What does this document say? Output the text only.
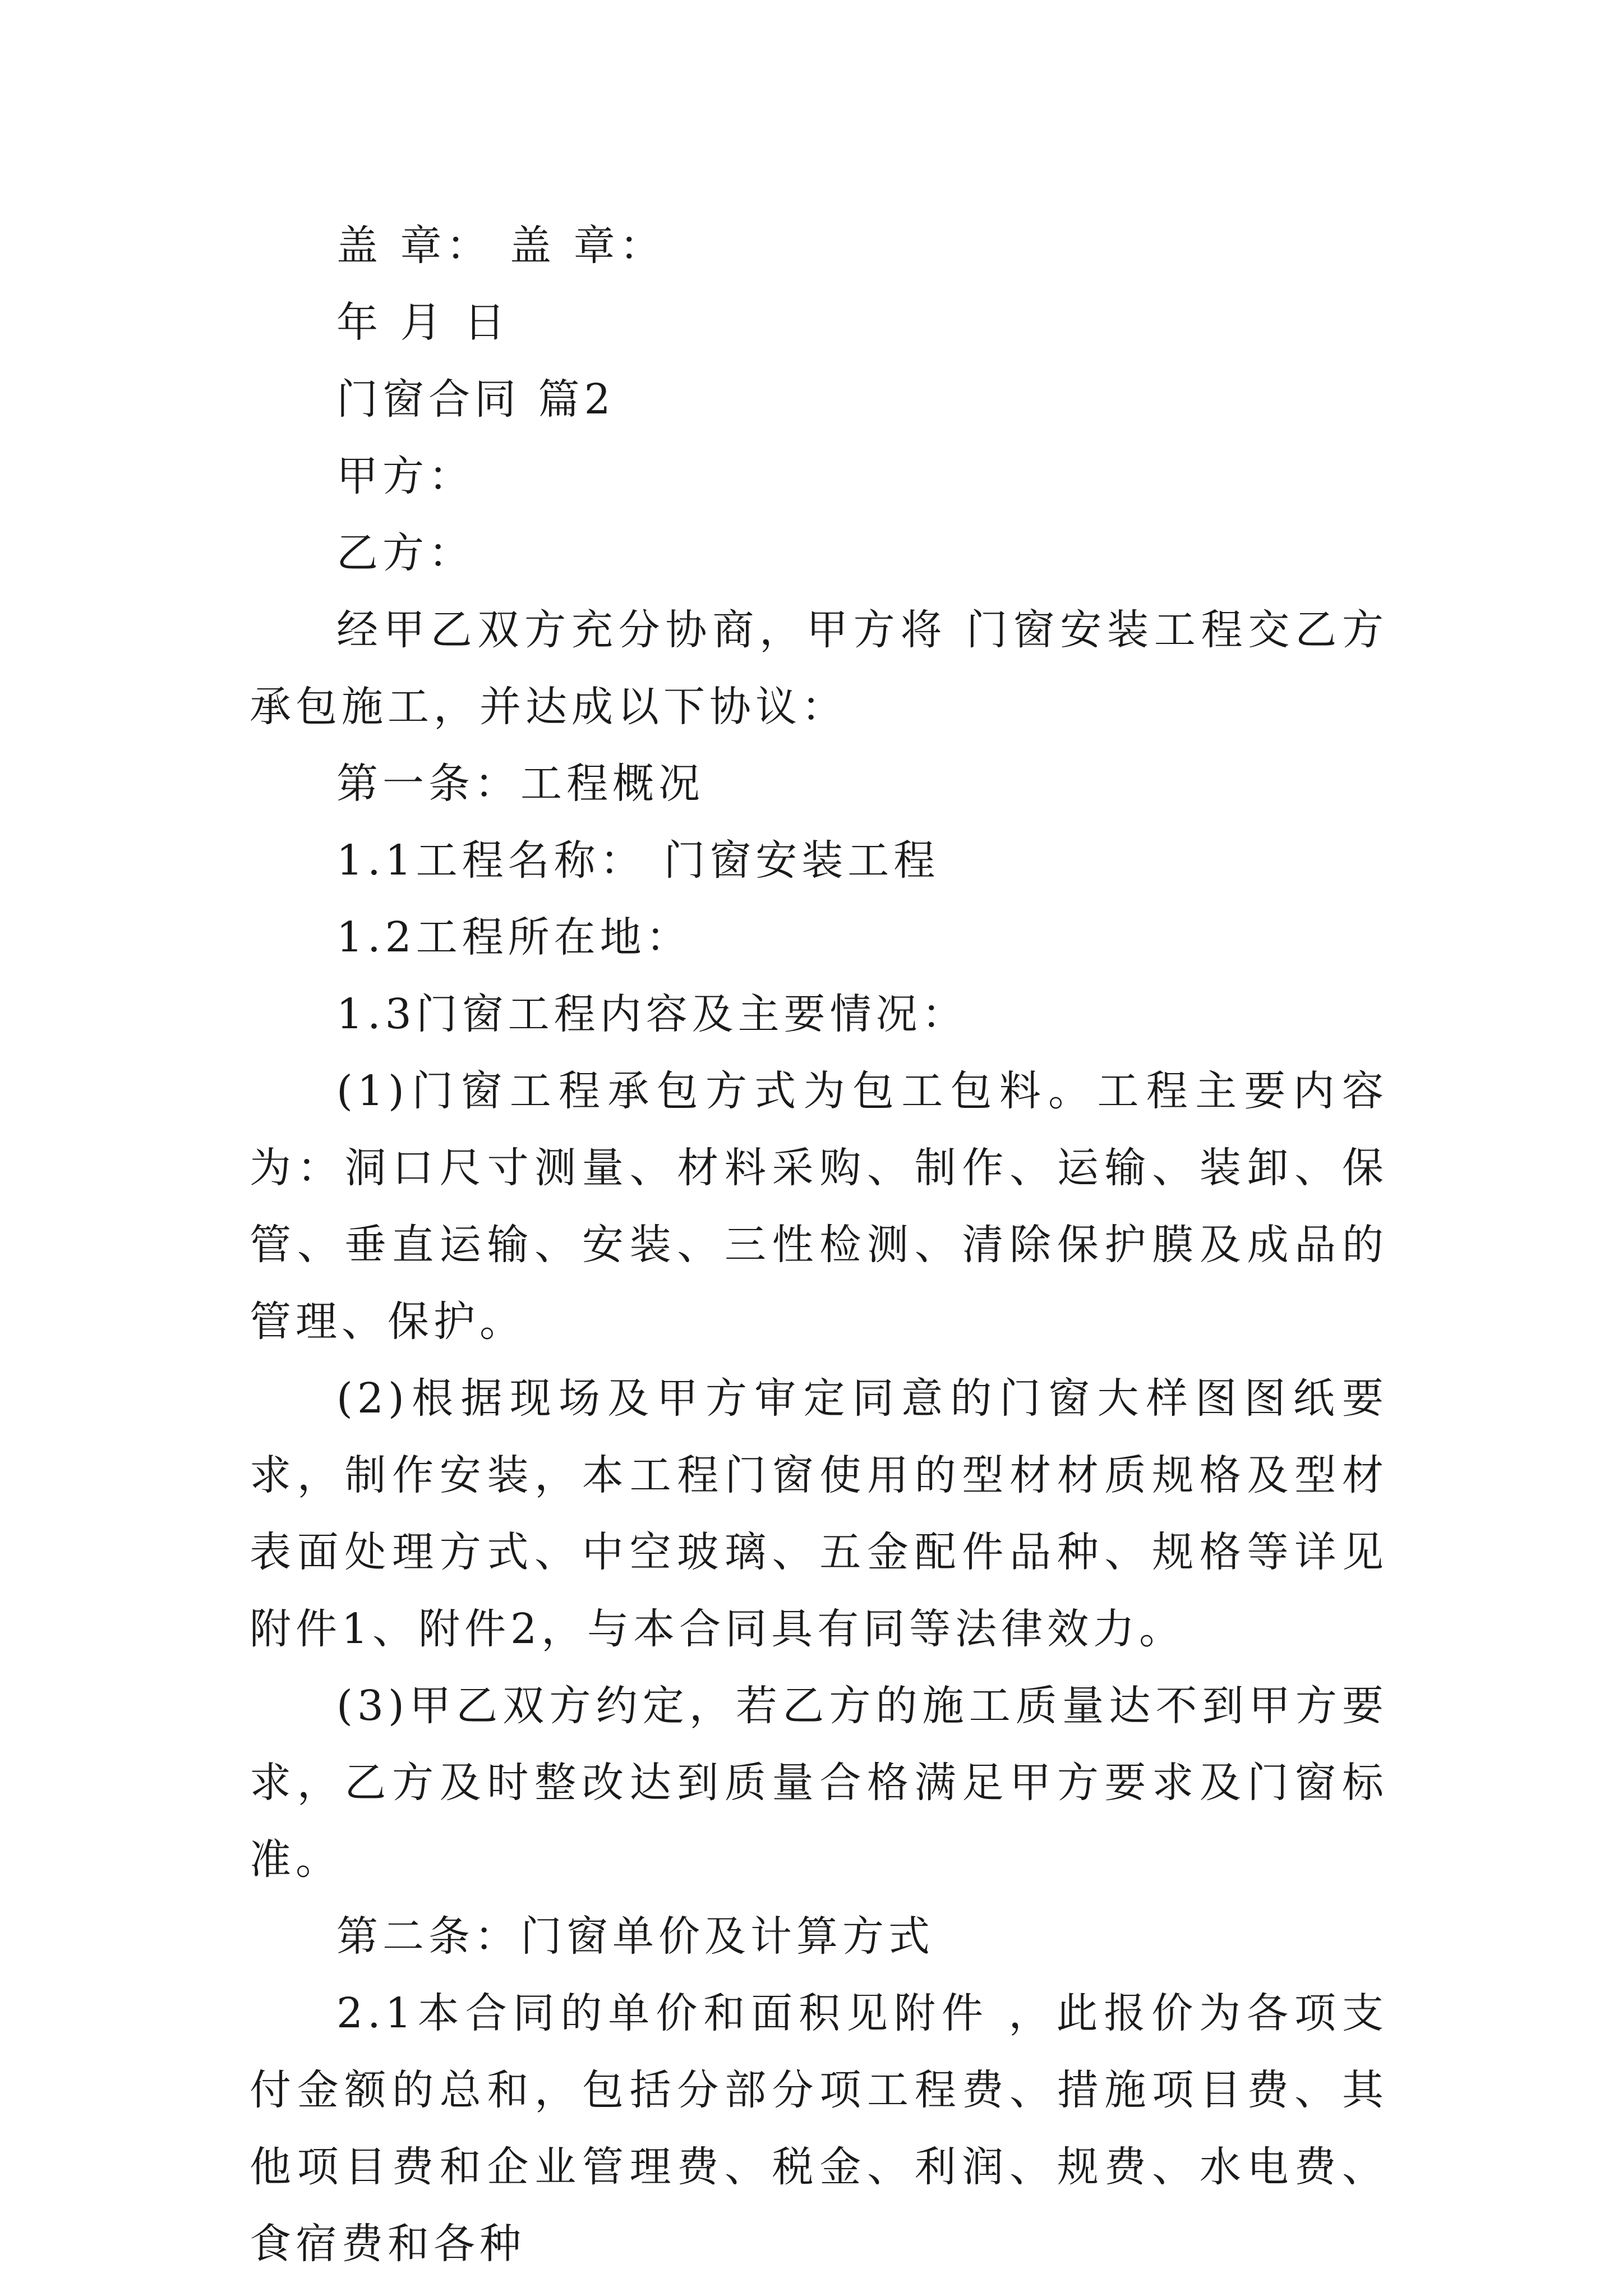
盖 章： 盖 章：

年 月 日

门窗合同 篇2

甲方：

乙方：

经甲乙双方充分协商，甲方将 门窗安装工程交乙方承包施工，并达成以下协议：

第一条：工程概况

1.1工程名称： 门窗安装工程

1.2工程所在地：

1.3门窗工程内容及主要情况：

(1)门窗工程承包方式为包工包料。工程主要内容为：洞口尺寸测量、材料采购、制作、运输、装卸、保管、垂直运输、安装、三性检测、清除保护膜及成品的管理、保护。

(2)根据现场及甲方审定同意的门窗大样图图纸要求，制作安装，本工程门窗使用的型材材质规格及型材表面处理方式、中空玻璃、五金配件品种、规格等详见附件1、附件2，与本合同具有同等法律效力。

(3)甲乙双方约定，若乙方的施工质量达不到甲方要求，乙方及时整改达到质量合格满足甲方要求及门窗标准。

第二条：门窗单价及计算方式

2.1本合同的单价和面积见附件 ，此报价为各项支付金额的总和，包括分部分项工程费、措施项目费、其他项目费和企业管理费、税金、利润、规费、水电费、食宿费和各种
